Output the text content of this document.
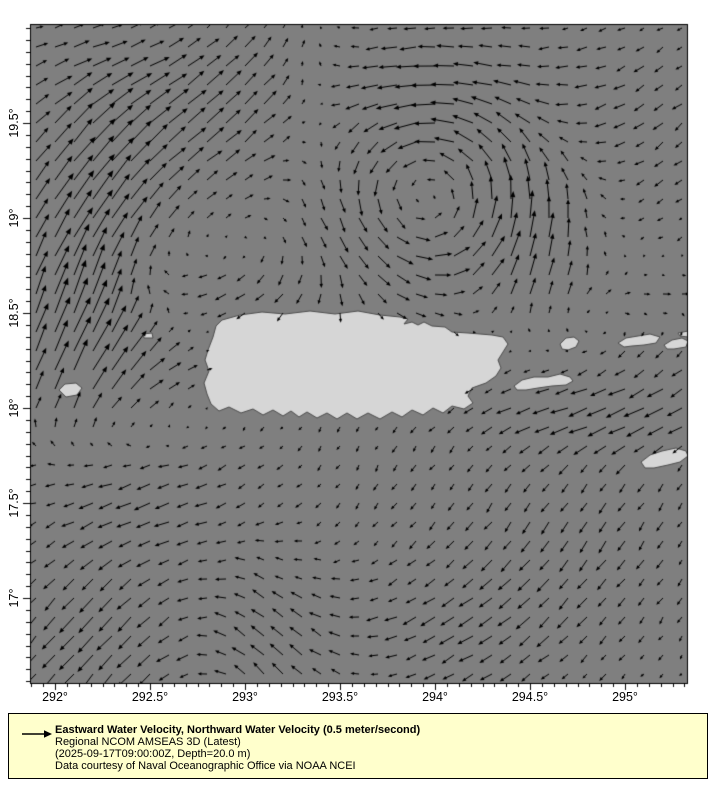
292°	292.5°	293°	293.5°	294°	294.5°	295°
17°
17.5°
18°
18.5°
19°
19.5°
Eastward Water Velocity, Northward Water Velocity (0.5 meter/second)
Regional NCOM AMSEAS 3D (Latest)
(2025-09-17T09:00:00Z, Depth=20.0 m)
Data courtesy of Naval Oceanographic Office via NOAA NCEI
